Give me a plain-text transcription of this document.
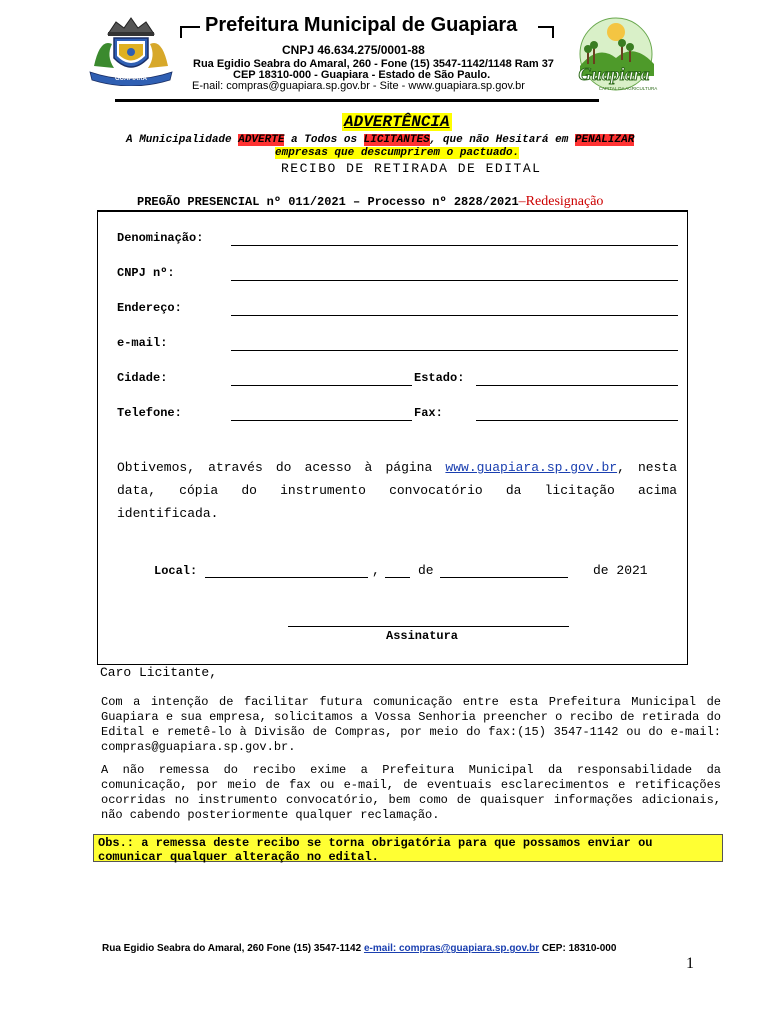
GUAPIARA
Prefeitura Municipal de Guapiara
CNPJ 46.634.275/0001-88
Rua Egidio Seabra do Amaral, 260 - Fone (15) 3547-1142/1148 Ram 37
CEP 18310-000 - Guapiara - Estado de São Paulo.
E-nail: compras@guapiara.sp.gov.br - Site - www.guapiara.sp.gov.br
Guapiara
CAPITAL DA AGRICULTURA
ADVERTÊNCIA
A Municipalidade ADVERTE a Todos os LICITANTES, que não Hesitará em PENALIZAR
empresas que descumprirem o pactuado.
RECIBO DE RETIRADA DE EDITAL
PREGÃO PRESENCIAL nº 011/2021 – Processo nº 2828/2021–Redesignação
Denominação:
CNPJ nº:
Endereço:
e-mail:
Cidade:	Estado:
Telefone:	Fax:
Obtivemos, através do acesso à página www.guapiara.sp.gov.br, nesta data, cópia do instrumento convocatório da licitação acima identificada.
Local:	,	de	de 2021
Assinatura
Caro Licitante,
Com a intenção de facilitar futura comunicação entre esta Prefeitura Municipal de Guapiara e sua empresa, solicitamos a Vossa Senhoria preencher o recibo de retirada do Edital e remetê-lo à Divisão de Compras, por meio do fax:(15) 3547-1142 ou do e-mail: compras@guapiara.sp.gov.br.
A não remessa do recibo exime a Prefeitura Municipal da responsabilidade da comunicação, por meio de fax ou e-mail, de eventuais esclarecimentos e retificações ocorridas no instrumento convocatório, bem como de quaisquer informações adicionais, não cabendo posteriormente qualquer reclamação.
Obs.: a remessa deste recibo se torna obrigatória para que possamos enviar ou comunicar qualquer alteração no edital.
Rua Egidio Seabra do Amaral, 260 Fone (15) 3547-1142 e-mail: compras@guapiara.sp.gov.br CEP: 18310-000
1
